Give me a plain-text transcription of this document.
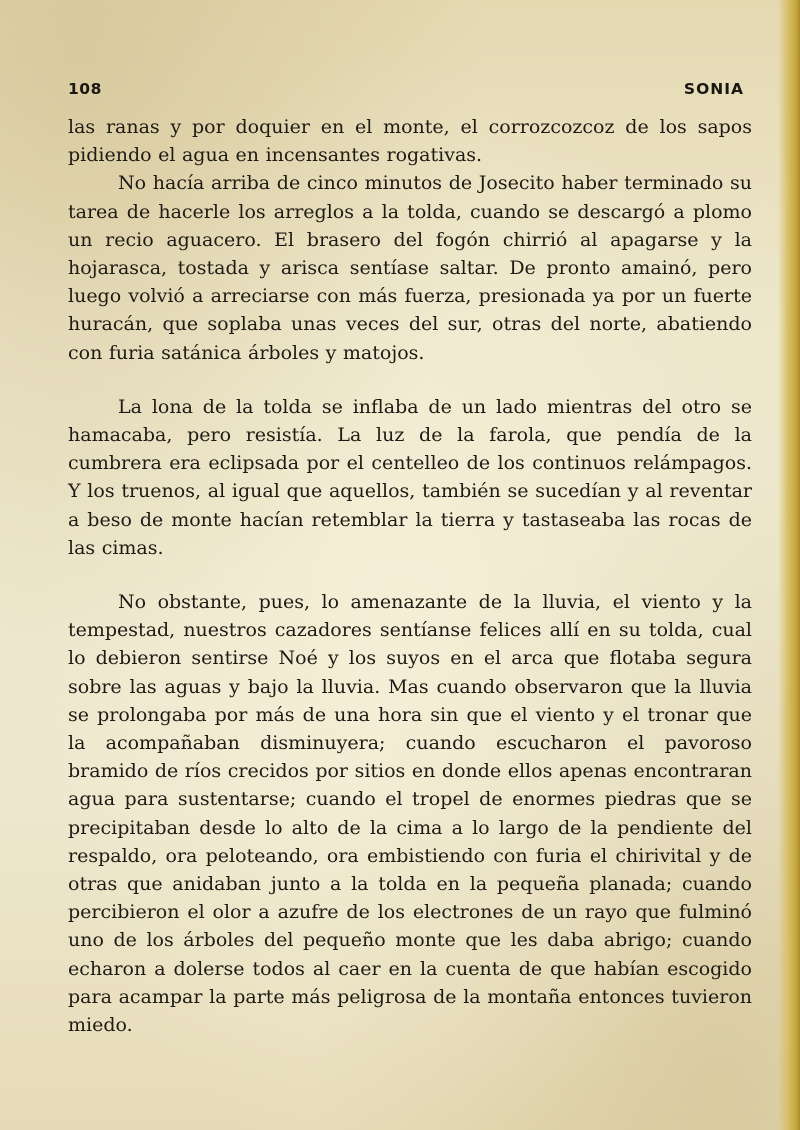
108	SONIA

las ranas y por doquier en el monte, el corrozcozcoz de los sapos pidiendo el agua en incensantes rogativas.

No hacía arriba de cinco minutos de Josecito haber terminado su tarea de hacerle los arreglos a la tolda, cuando se descargó a plomo un recio aguacero. El brasero del fogón chirrió al apagarse y la hojarasca, tostada y arisca sentíase saltar. De pronto amainó, pero luego volvió a arreciarse con más fuerza, presionada ya por un fuerte huracán, que soplaba unas veces del sur, otras del norte, abatiendo con furia satánica árboles y matojos.

La lona de la tolda se inflaba de un lado mientras del otro se hamacaba, pero resistía. La luz de la farola, que pendía de la cumbrera era eclipsada por el centelleo de los continuos relámpagos. Y los truenos, al igual que aquellos, también se sucedían y al reventar a beso de monte hacían retemblar la tierra y tastaseaba las rocas de las cimas.

No obstante, pues, lo amenazante de la lluvia, el viento y la tempestad, nuestros cazadores sentíanse felices allí en su tolda, cual lo debieron sentirse Noé y los suyos en el arca que flotaba segura sobre las aguas y bajo la lluvia. Mas cuando observaron que la lluvia se prolongaba por más de una hora sin que el viento y el tronar que la acompañaban disminuyera; cuando escucharon el pavoroso bramido de ríos crecidos por sitios en donde ellos apenas encontraran agua para sustentarse; cuando el tropel de enormes piedras que se precipitaban desde lo alto de la cima a lo largo de la pendiente del respaldo, ora peloteando, ora embistiendo con furia el chirivital y de otras que anidaban junto a la tolda en la pequeña planada; cuando percibieron el olor a azufre de los electrones de un rayo que fulminó uno de los árboles del pequeño monte que les daba abrigo; cuando echaron a dolerse todos al caer en la cuenta de que habían escogido para acampar la parte más peligrosa de la montaña entonces tuvieron miedo.
